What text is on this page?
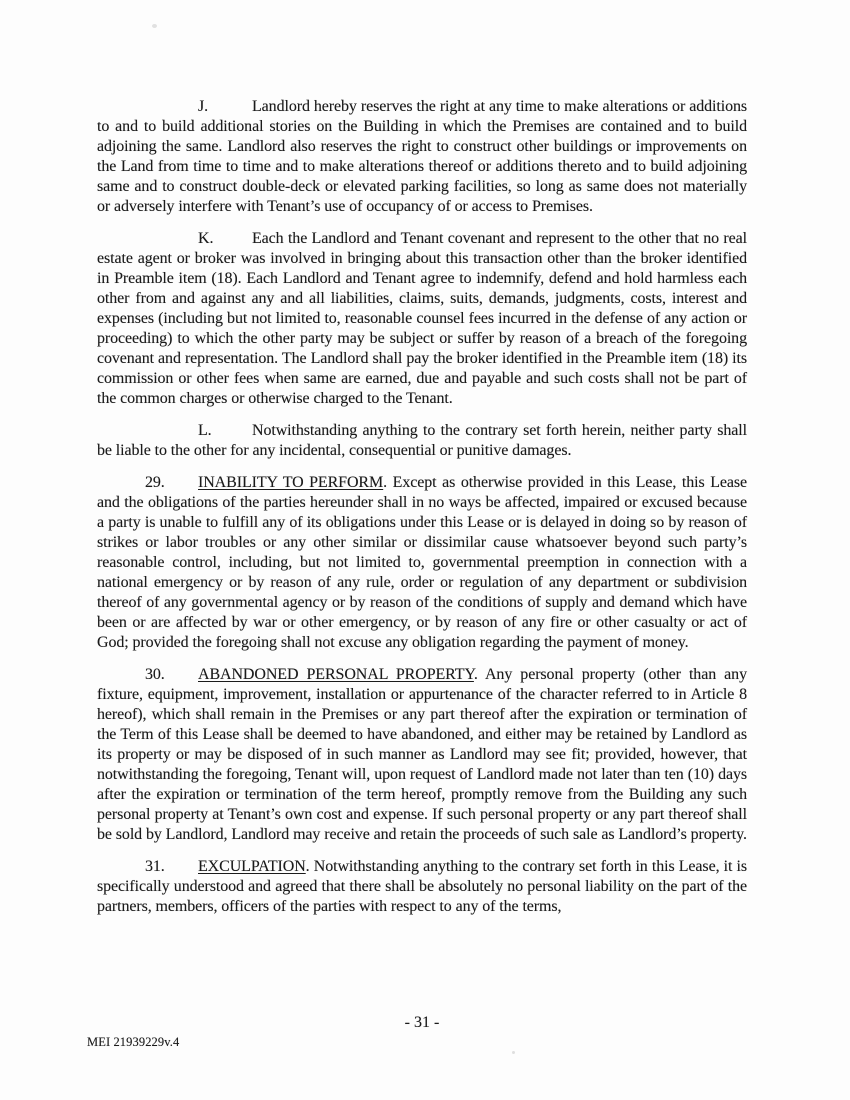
J.	Landlord hereby reserves the right at any time to make alterations or additions to and to build additional stories on the Building in which the Premises are contained and to build adjoining the same. Landlord also reserves the right to construct other buildings or improvements on the Land from time to time and to make alterations thereof or additions thereto and to build adjoining same and to construct double-deck or elevated parking facilities, so long as same does not materially or adversely interfere with Tenant’s use of occupancy of or access to Premises.

K. Each the Landlord and Tenant covenant and represent to the other that no real estate agent or broker was involved in bringing about this transaction other than the broker identified in Preamble item (18). Each Landlord and Tenant agree to indemnify, defend and hold harmless each other from and against any and all liabilities, claims, suits, demands, judgments, costs, interest and expenses (including but not limited to, reasonable counsel fees incurred in the defense of any action or proceeding) to which the other party may be subject or suffer by reason of a breach of the foregoing covenant and representation. The Landlord shall pay the broker identified in the Preamble item (18) its commission or other fees when same are earned, due and payable and such costs shall not be part of the common charges or otherwise charged to the Tenant.

L.	Notwithstanding anything to the contrary set forth herein, neither party shall be liable to the other for any incidental, consequential or punitive damages.

29. INABILITY TO PERFORM. Except as otherwise provided in this Lease, this Lease and the obligations of the parties hereunder shall in no ways be affected, impaired or excused because a party is unable to fulfill any of its obligations under this Lease or is delayed in doing so by reason of strikes or labor troubles or any other similar or dissimilar cause whatsoever beyond such party’s reasonable control, including, but not limited to, governmental preemption in connection with a national emergency or by reason of any rule, order or regulation of any department or subdivision thereof of any governmental agency or by reason of the conditions of supply and demand which have been or are affected by war or other emergency, or by reason of any fire or other casualty or act of God; provided the foregoing shall not excuse any obligation regarding the payment of money.

30. ABANDONED PERSONAL PROPERTY. Any personal property (other than any fixture, equipment, improvement, installation or appurtenance of the character referred to in Article 8 hereof), which shall remain in the Premises or any part thereof after the expiration or termination of the Term of this Lease shall be deemed to have abandoned, and either may be retained by Landlord as its property or may be disposed of in such manner as Landlord may see fit; provided, however, that notwithstanding the foregoing, Tenant will, upon request of Landlord made not later than ten (10) days after the expiration or termination of the term hereof, promptly remove from the Building any such personal property at Tenant’s own cost and expense. If such personal property or any part thereof shall be sold by Landlord, Landlord may receive and retain the proceeds of such sale as Landlord’s property.

31. EXCULPATION. Notwithstanding anything to the contrary set forth in this Lease, it is specifically understood and agreed that there shall be absolutely no personal liability on the part of the partners, members, officers of the parties with respect to any of the terms,

- 31 -
MEI 21939229v.4
